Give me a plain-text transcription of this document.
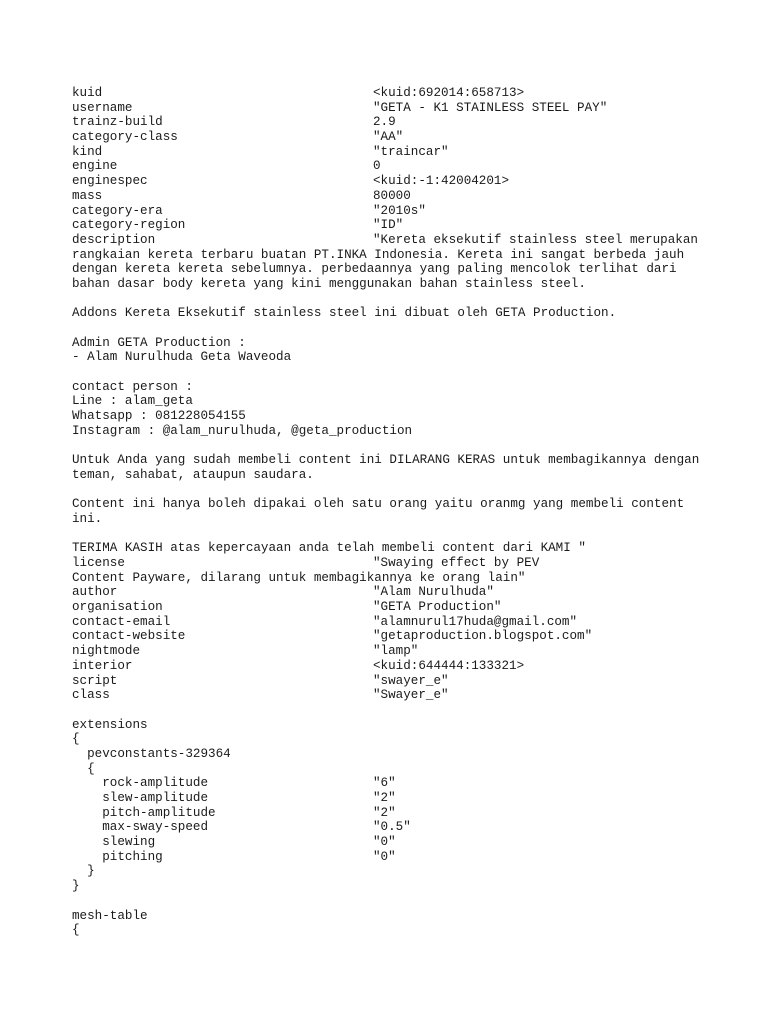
kuid	<kuid:692014:658713>
username	"GETA - K1 STAINLESS STEEL PAY"
trainz-build	2.9
category-class	"AA"
kind	"traincar"
engine	0
enginespec	<kuid:-1:42004201>
mass	80000
category-era	"2010s"
category-region	"ID"
description	"Kereta eksekutif stainless steel merupakan
rangkaian kereta terbaru buatan PT.INKA Indonesia. Kereta ini sangat berbeda jauh
dengan kereta kereta sebelumnya. perbedaannya yang paling mencolok terlihat dari
bahan dasar body kereta yang kini menggunakan bahan stainless steel.
Addons Kereta Eksekutif stainless steel ini dibuat oleh GETA Production.
Admin GETA Production :
- Alam Nurulhuda Geta Waveoda
contact person :
Line : alam_geta
Whatsapp : 081228054155
Instagram : @alam_nurulhuda, @geta_production
Untuk Anda yang sudah membeli content ini DILARANG KERAS untuk membagikannya dengan
teman, sahabat, ataupun saudara.
Content ini hanya boleh dipakai oleh satu orang yaitu oranmg yang membeli content
ini.
TERIMA KASIH atas kepercayaan anda telah membeli content dari KAMI "
license	"Swaying effect by PEV
Content Payware, dilarang untuk membagikannya ke orang lain"
author	"Alam Nurulhuda"
organisation	"GETA Production"
contact-email	"alamnurul17huda@gmail.com"
contact-website	"getaproduction.blogspot.com"
nightmode	"lamp"
interior	<kuid:644444:133321>
script	"swayer_e"
class	"Swayer_e"
extensions
{
pevconstants-329364
{
rock-amplitude	"6"
slew-amplitude	"2"
pitch-amplitude	"2"
max-sway-speed	"0.5"
slewing	"0"
pitching	"0"
}
}
mesh-table
{
